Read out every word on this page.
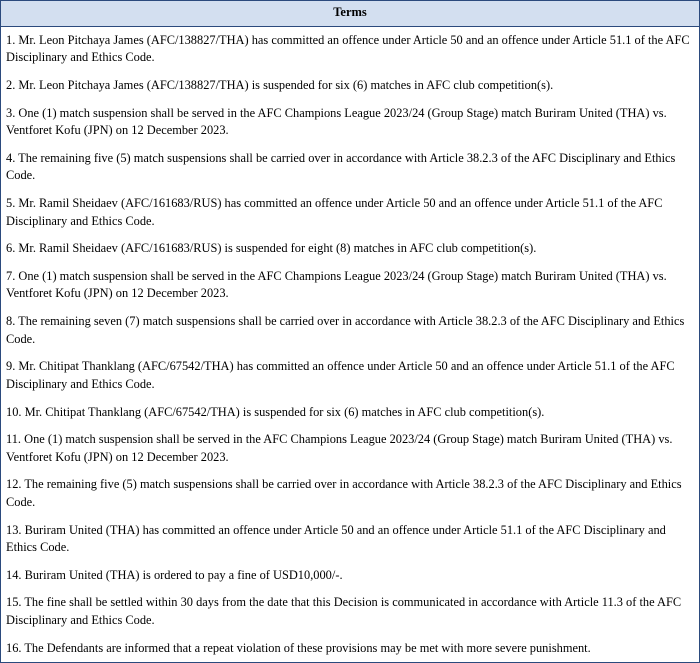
Terms
1. Mr. Leon Pitchaya James (AFC/138827/THA) has committed an offence under Article 50 and an offence under Article 51.1 of the AFC Disciplinary and Ethics Code.
2. Mr. Leon Pitchaya James (AFC/138827/THA) is suspended for six (6) matches in AFC club competition(s).
3. One (1) match suspension shall be served in the AFC Champions League 2023/24 (Group Stage) match Buriram United (THA) vs. Ventforet Kofu (JPN) on 12 December 2023.
4. The remaining five (5) match suspensions shall be carried over in accordance with Article 38.2.3 of the AFC Disciplinary and Ethics Code.
5. Mr. Ramil Sheidaev (AFC/161683/RUS) has committed an offence under Article 50 and an offence under Article 51.1 of the AFC Disciplinary and Ethics Code.
6. Mr. Ramil Sheidaev (AFC/161683/RUS) is suspended for eight (8) matches in AFC club competition(s).
7. One (1) match suspension shall be served in the AFC Champions League 2023/24 (Group Stage) match Buriram United (THA) vs. Ventforet Kofu (JPN) on 12 December 2023.
8. The remaining seven (7) match suspensions shall be carried over in accordance with Article 38.2.3 of the AFC Disciplinary and Ethics Code.
9. Mr. Chitipat Thanklang (AFC/67542/THA) has committed an offence under Article 50 and an offence under Article 51.1 of the AFC Disciplinary and Ethics Code.
10. Mr. Chitipat Thanklang (AFC/67542/THA) is suspended for six (6) matches in AFC club competition(s).
11. One (1) match suspension shall be served in the AFC Champions League 2023/24 (Group Stage) match Buriram United (THA) vs. Ventforet Kofu (JPN) on 12 December 2023.
12. The remaining five (5) match suspensions shall be carried over in accordance with Article 38.2.3 of the AFC Disciplinary and Ethics Code.
13. Buriram United (THA) has committed an offence under Article 50 and an offence under Article 51.1 of the AFC Disciplinary and Ethics Code.
14. Buriram United (THA) is ordered to pay a fine of USD10,000/-.
15. The fine shall be settled within 30 days from the date that this Decision is communicated in accordance with Article 11.3 of the AFC Disciplinary and Ethics Code.
16. The Defendants are informed that a repeat violation of these provisions may be met with more severe punishment.
